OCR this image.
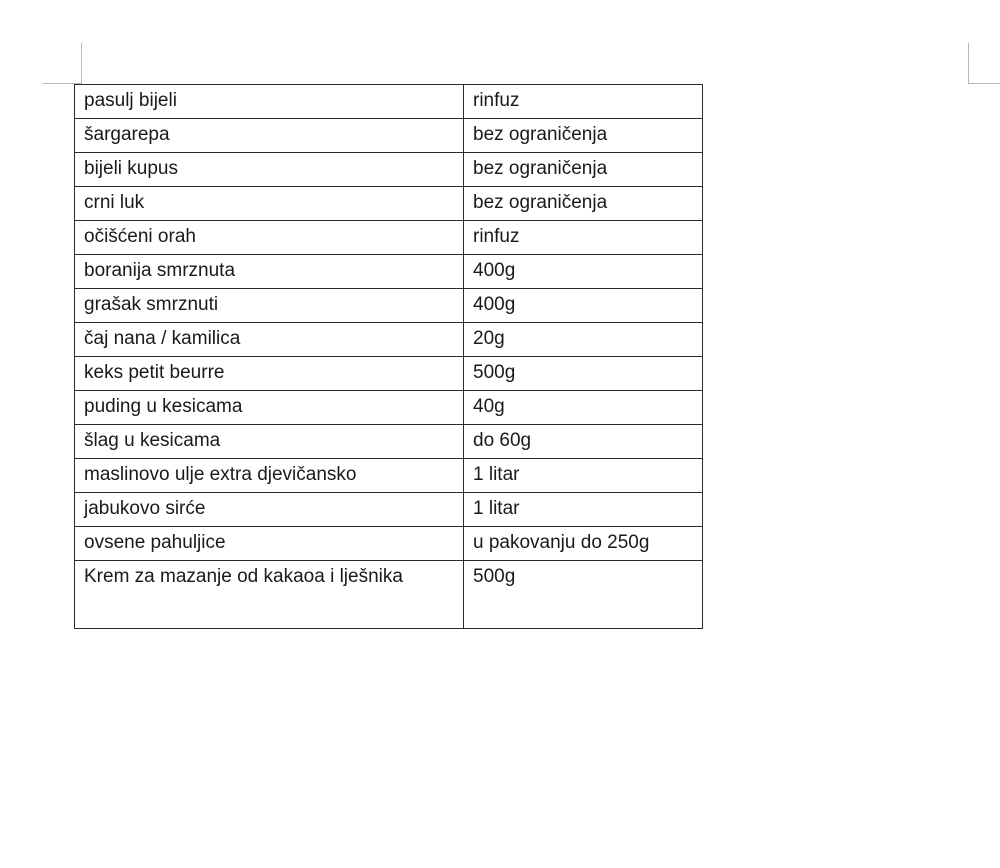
pasulj bijeli	rinfuz
šargarepa	bez ograničenja
bijeli kupus	bez ograničenja
crni luk	bez ograničenja
očišćeni orah	rinfuz
boranija smrznuta	400g
grašak smrznuti	400g
čaj nana / kamilica	20g
keks petit beurre	500g
puding u kesicama	40g
šlag u kesicama	do 60g
maslinovo ulje extra djevičansko	1 litar
jabukovo sirće	1 litar
ovsene pahuljice	u pakovanju do 250g
Krem za mazanje od kakaoa i lješnika	500g
